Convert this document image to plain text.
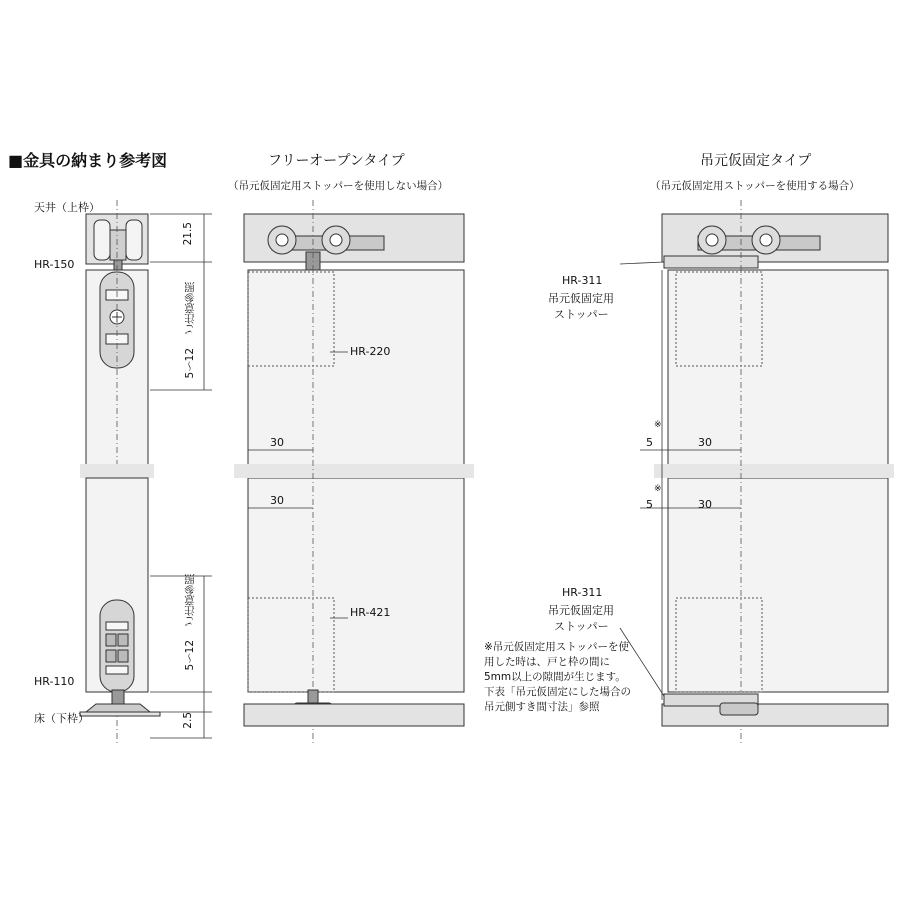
■金具の納まり参考図	フリーオープンタイプ
（吊元仮固定用ストッパーを使用しない場合）
吊元仮固定タイプ
（吊元仮固定用ストッパーを使用する場合）
天井（上枠）
HR-150
HR-110
床（下枠）
21.5
5～12
ご注意参照
5～12
ご注意参照
2.5
HR-220
HR-421
30
30
HR-311
吊元仮固定用
ストッパー
※
5	30
※
5	30
HR-311
吊元仮固定用
ストッパー
※吊元仮固定用ストッパーを使用した時は、戸と枠の間に5mm以上の隙間が生じます。下表「吊元仮固定にした場合の吊元側すき間寸法」参照
